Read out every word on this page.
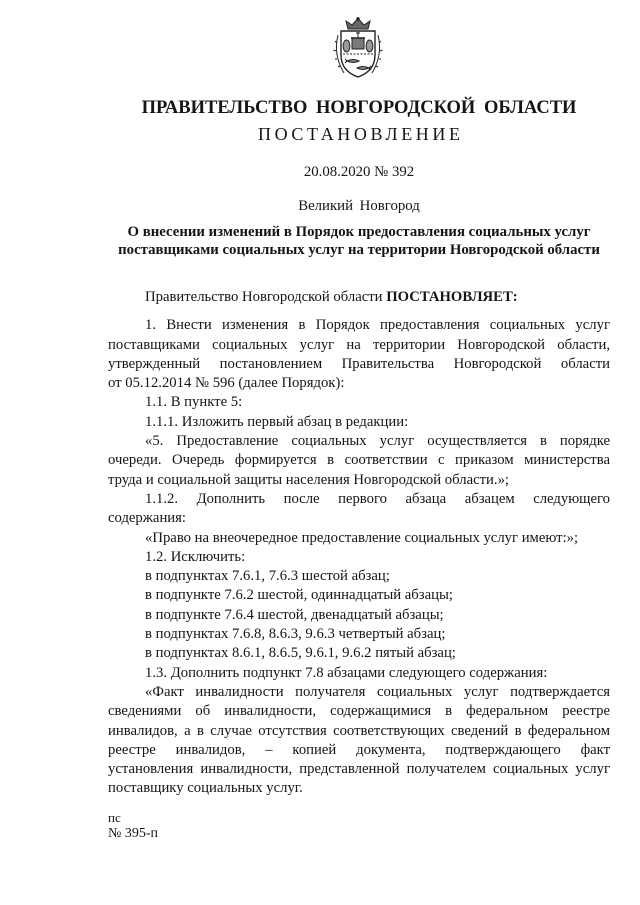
ПРАВИТЕЛЬСТВО НОВГОРОДСКОЙ ОБЛАСТИ
ПОСТАНОВЛЕНИЕ
20.08.2020 № 392
Великий Новгород
О внесении изменений в Порядок предоставления социальных услуг
поставщиками социальных услуг на территории Новгородской области
Правительство Новгородской области ПОСТАНОВЛЯЕТ:
1. Внести изменения в Порядок предоставления социальных услуг
поставщиками социальных услуг на территории Новгородской области,
утвержденный постановлением Правительства Новгородской области
от 05.12.2014 № 596 (далее Порядок):
1.1. В пункте 5:
1.1.1. Изложить первый абзац в редакции:
«5. Предоставление социальных услуг осуществляется в порядке
очереди. Очередь формируется в соответствии с приказом министерства
труда и социальной защиты населения Новгородской области.»;
1.1.2. Дополнить после первого абзаца абзацем следующего
содержания:
«Право на внеочередное предоставление социальных услуг имеют:»;
1.2. Исключить:
в подпунктах 7.6.1, 7.6.3 шестой абзац;
в подпункте 7.6.2 шестой, одиннадцатый абзацы;
в подпункте 7.6.4 шестой, двенадцатый абзацы;
в подпунктах 7.6.8, 8.6.3, 9.6.3 четвертый абзац;
в подпунктах 8.6.1, 8.6.5, 9.6.1, 9.6.2 пятый абзац;
1.3. Дополнить подпункт 7.8 абзацами следующего содержания:
«Факт инвалидности получателя социальных услуг подтверждается
сведениями об инвалидности, содержащимися в федеральном реестре
инвалидов, а в случае отсутствия соответствующих сведений в федеральном
реестре инвалидов, – копией документа, подтверждающего факт
установления инвалидности, представленной получателем социальных услуг
поставщику социальных услуг.
пс
№ 395-п
